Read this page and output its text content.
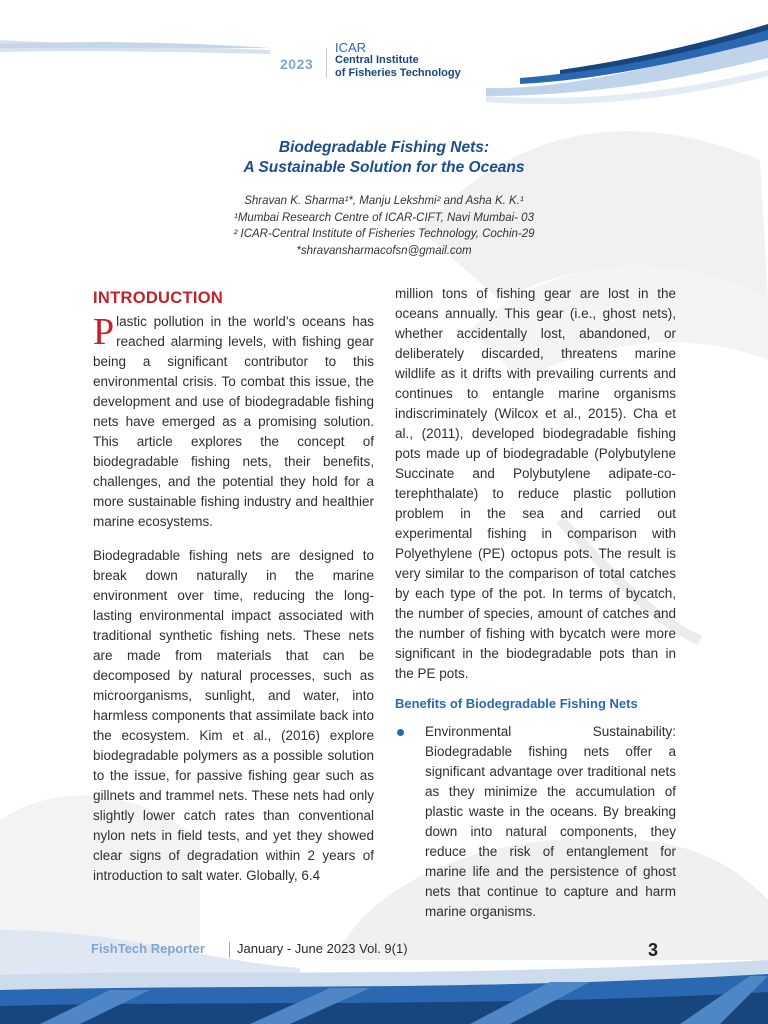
2023
ICAR
Central Institute
of Fisheries Technology
Biodegradable Fishing Nets:
A Sustainable Solution for the Oceans
Shravan K. Sharma¹*, Manju Lekshmi² and Asha K. K.¹
¹Mumbai Research Centre of ICAR-CIFT, Navi Mumbai- 03
² ICAR-Central Institute of Fisheries Technology, Cochin-29
*shravansharmacofsn@gmail.com
INTRODUCTION

Plastic pollution in the world’s oceans has reached alarming levels, with fishing gear being a significant contributor to this environmental crisis. To combat this issue, the development and use of biodegradable fishing nets have emerged as a promising solution. This article explores the concept of biodegradable fishing nets, their benefits, challenges, and the potential they hold for a more sustainable fishing industry and healthier marine ecosystems.

Biodegradable fishing nets are designed to break down naturally in the marine environment over time, reducing the long-lasting environmental impact associated with traditional synthetic fishing nets. These nets are made from materials that can be decomposed by natural processes, such as microorganisms, sunlight, and water, into harmless components that assimilate back into the ecosystem. Kim et al., (2016) explore biodegradable polymers as a possible solution to the issue, for passive fishing gear such as gillnets and trammel nets. These nets had only slightly lower catch rates than conventional nylon nets in field tests, and yet they showed clear signs of degradation within 2 years of introduction to salt water. Globally, 6.4

million tons of fishing gear are lost in the oceans annually. This gear (i.e., ghost nets), whether accidentally lost, abandoned, or deliberately discarded, threatens marine wildlife as it drifts with prevailing currents and continues to entangle marine organisms indiscriminately (Wilcox et al., 2015). Cha et al., (2011), developed biodegradable fishing pots made up of biodegradable (Polybutylene Succinate and Polybutylene adipate-co-terephthalate) to reduce plastic pollution problem in the sea and carried out experimental fishing in comparison with Polyethylene (PE) octopus pots. The result is very similar to the comparison of total catches by each type of the pot. In terms of bycatch, the number of species, amount of catches and the number of fishing with bycatch were more significant in the biodegradable pots than in the PE pots.

Benefits of Biodegradable Fishing Nets

Environmental Sustainability: Biodegradable fishing nets offer a significant advantage over traditional nets as they minimize the accumulation of plastic waste in the oceans. By breaking down into natural components, they reduce the risk of entanglement for marine life and the persistence of ghost nets that continue to capture and harm marine organisms.

FishTech Reporter January - June 2023 Vol. 9(1)	3
